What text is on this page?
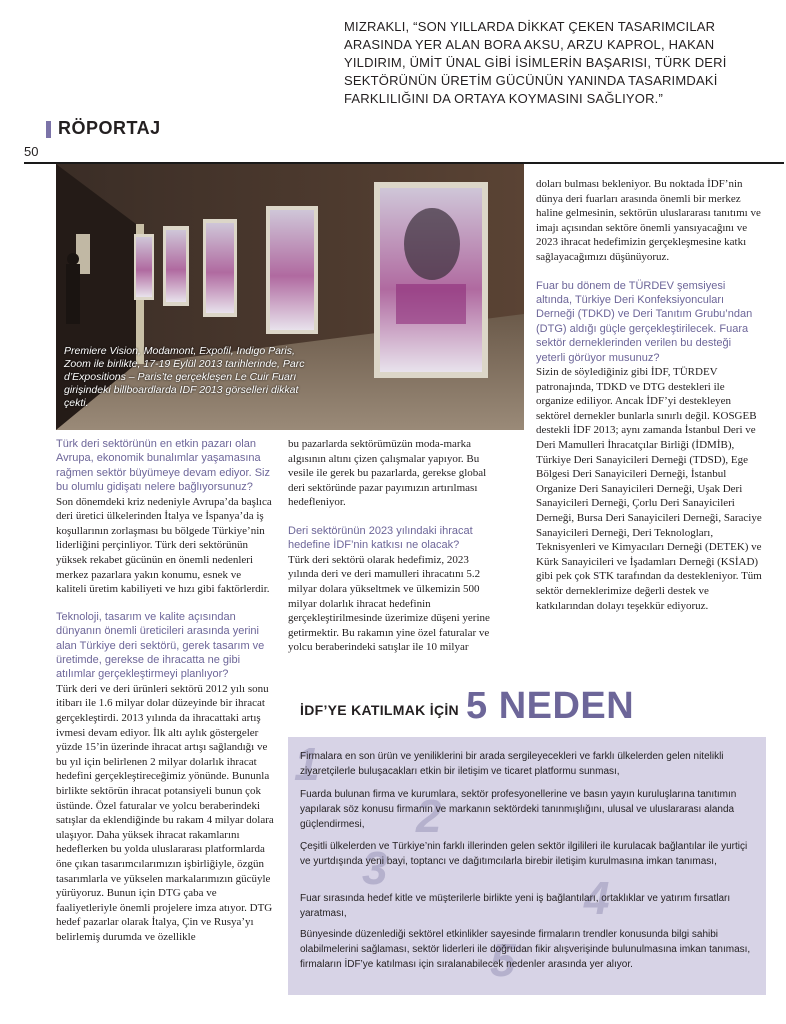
MIZRAKLI, “SON YILLARDA DİKKAT ÇEKEN TASARIMCILAR ARASINDA YER ALAN BORA AKSU, ARZU KAPROL, HAKAN YILDIRIM, ÜMİT ÜNAL GİBİ İSİMLERİN BAŞARISI, TÜRK DERİ SEKTÖRÜNÜN ÜRETİM GÜCÜNÜN YANINDA TASARIMDAKİ FARKLILIĞINI DA ORTAYA KOYMASINI SAĞLIYOR.”
RÖPORTAJ
50
Premiere Vision, Modamont, Expofil, Indigo Paris, Zoom ile birlikte, 17-19 Eylül 2013 tarihlerinde, Parc d’Expositions – Paris’te gerçekleşen Le Cuir Fuarı girişindeki billboardlarda IDF 2013 görselleri dikkat çekti.

Türk deri sektörünün en etkin pazarı olan Avrupa, ekonomik bunalımlar yaşamasına rağmen sektör büyümeye devam ediyor. Siz bu olumlu gidişatı nelere bağlıyorsunuz?

Son dönemdeki kriz nedeniyle Avrupa’da başlıca deri üretici ülkelerinden İtalya ve İspanya’da iş koşullarının zorlaşması bu bölgede Türkiye’nin liderliğini perçinliyor. Türk deri sektörünün yüksek rekabet gücünün en önemli nedenleri merkez pazarlara yakın konumu, esnek ve kaliteli üretim kabiliyeti ve hızı gibi faktörlerdir.

Teknoloji, tasarım ve kalite açısından dünyanın önemli üreticileri arasında yerini alan Türkiye deri sektörü, gerek tasarım ve üretimde, gerekse de ihracatta ne gibi atılımlar gerçekleştirmeyi planlıyor?

Türk deri ve deri ürünleri sektörü 2012 yılı sonu itibarı ile 1.6 milyar dolar düzeyinde bir ihracat gerçekleştirdi. 2013 yılında da ihracattaki artış ivmesi devam ediyor. İlk altı aylık göstergeler yüzde 15’in üzerinde ihracat artışı sağlandığı ve bu yıl için belirlenen 2 milyar dolarlık ihracat hedefini gerçekleştireceğimiz yönünde. Bununla birlikte sektörün ihracat potansiyeli bunun çok üstünde. Özel faturalar ve yolcu beraberindeki satışlar da eklendiğinde bu rakam 4 milyar dolara ulaşıyor. Daha yüksek ihracat rakamlarını hedeflerken bu yolda uluslararası platformlarda öne çıkan tasarımcılarımızın işbirliğiyle, özgün tasarımlarla ve yükselen markalarımızın gücüyle yürüyoruz. Bunun için DTG çaba ve faaliyetleriyle önemli projelere imza atıyor. DTG hedef pazarlar olarak İtalya, Çin ve Rusya’yı belirlemiş durumda ve özellikle

bu pazarlarda sektörümüzün moda-marka algısının altını çizen çalışmalar yapıyor. Bu vesile ile gerek bu pazarlarda, gerekse global deri sektöründe pazar payımızın artırılması hedefleniyor.

Deri sektörünün 2023 yılındaki ihracat hedefine İDF’nin katkısı ne olacak?

Türk deri sektörü olarak hedefimiz, 2023 yılında deri ve deri mamulleri ihracatını 5.2 milyar dolara yükseltmek ve ülkemizin 500 milyar dolarlık ihracat hedefinin gerçekleştirilmesinde üzerimize düşeni yerine getirmektir. Bu rakamın yine özel faturalar ve yolcu beraberindeki satışlar ile 10 milyar

doları bulması bekleniyor. Bu noktada İDF’nin dünya deri fuarları arasında önemli bir merkez haline gelmesinin, sektörün uluslararası tanıtımı ve imajı açısından sektöre önemli yansıyacağını ve 2023 ihracat hedefimizin gerçekleşmesine katkı sağlayacağımızı düşünüyoruz.

Fuar bu dönem de TÜRDEV şemsiyesi altında, Türkiye Deri Konfeksiyoncuları Derneği (TDKD) ve Deri Tanıtım Grubu’ndan (DTG) aldığı güçle gerçekleştirilecek. Fuara sektör derneklerinden verilen bu desteği yeterli görüyor musunuz?

Sizin de söylediğiniz gibi İDF, TÜRDEV patronajında, TDKD ve DTG destekleri ile organize ediliyor. Ancak İDF’yi destekleyen sektörel dernekler bunlarla sınırlı değil. KOSGEB destekli İDF 2013; aynı zamanda İstanbul Deri ve Deri Mamulleri İhracatçılar Birliği (İDMİB), Türkiye Deri Sanayicileri Derneği (TDSD), Ege Bölgesi Deri Sanayicileri Derneği, İstanbul Organize Deri Sanayicileri Derneği, Uşak Deri Sanayicileri Derneği, Çorlu Deri Sanayicileri Derneği, Bursa Deri Sanayicileri Derneği, Saraciye Sanayicileri Derneği, Deri Teknologları, Teknisyenleri ve Kimyacıları Derneği (DETEK) ve Kürk Sanayicileri ve İşadamları Derneği (KSİAD) gibi pek çok STK tarafından da destekleniyor. Tüm sektör derneklerimize değerli destek ve katkılarından dolayı teşekkür ediyoruz.

İDF’YE KATILMAK İÇİN 5 NEDEN
1
2
3
4
5
Firmalara en son ürün ve yeniliklerini bir arada sergileyecekleri ve farklı ülkelerden gelen nitelikli ziyaretçilerle buluşacakları etkin bir iletişim ve ticaret platformu sunması,
Fuarda bulunan firma ve kurumlara, sektör profesyonellerine ve basın yayın kuruluşlarına tanıtımın yapılarak söz konusu firmanın ve markanın sektördeki tanınmışlığını, ulusal ve uluslararası alanda güçlendirmesi,
Çeşitli ülkelerden ve Türkiye’nin farklı illerinden gelen sektör ilgilileri ile kurulacak bağlantılar ile yurtiçi ve yurtdışında yeni bayi, toptancı ve dağıtımcılarla birebir iletişim kurulmasına imkan tanıması,
Fuar sırasında hedef kitle ve müşterilerle birlikte yeni iş bağlantıları, ortaklıklar ve yatırım fırsatları yaratması,
Bünyesinde düzenlediği sektörel etkinlikler sayesinde firmaların trendler konusunda bilgi sahibi olabilmelerini sağlaması, sektör liderleri ile doğrudan fikir alışverişinde bulunulmasına imkan tanıması, firmaların İDF’ye katılması için sıralanabilecek nedenler arasında yer alıyor.
